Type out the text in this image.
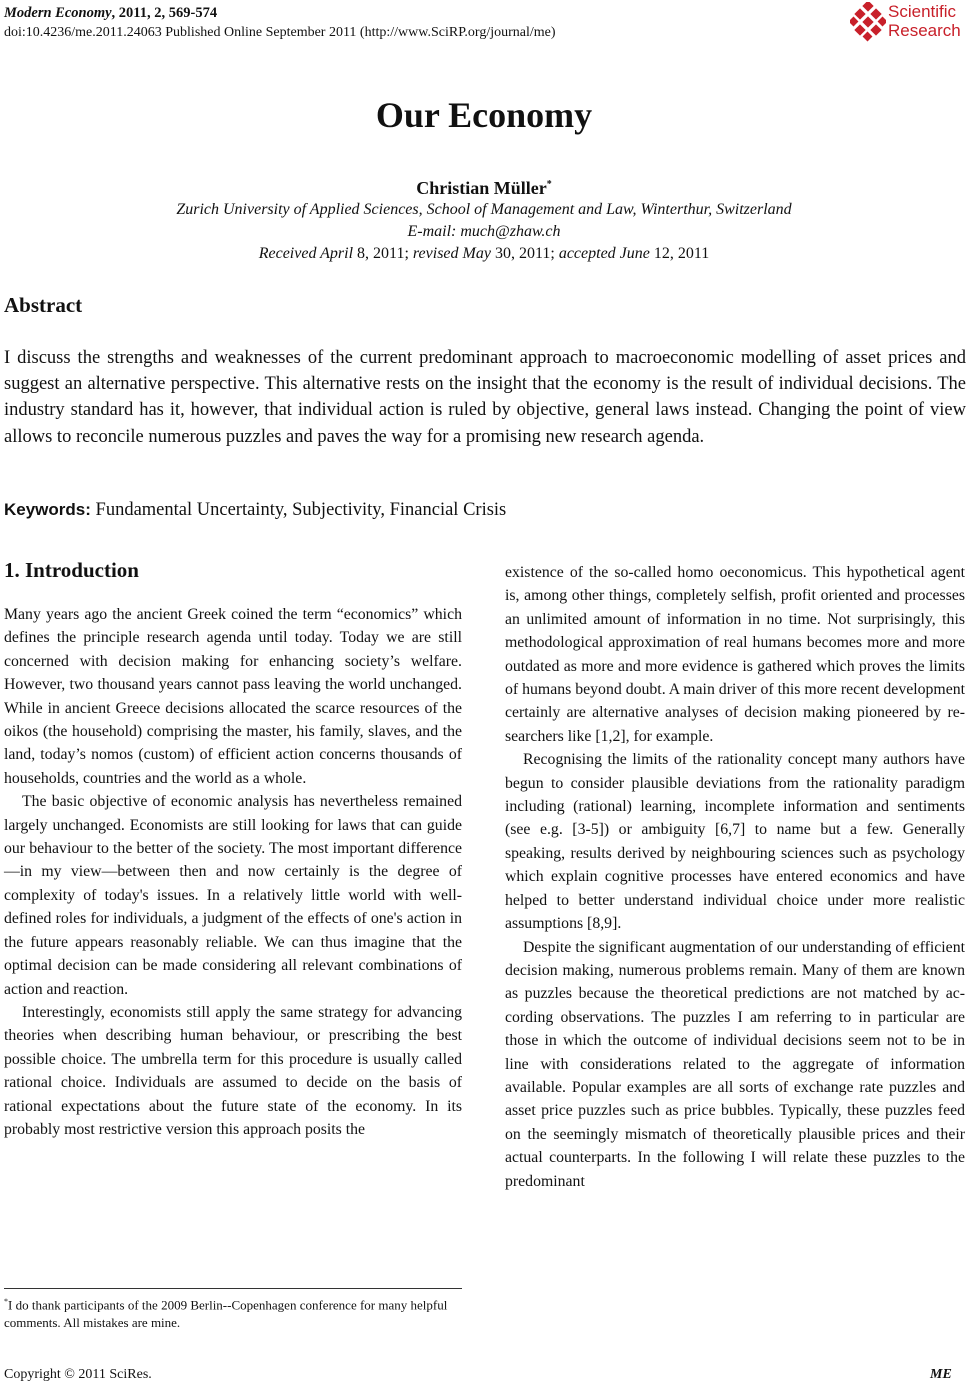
Modern Economy, 2011, 2, 569-574
doi:10.4236/me.2011.24063 Published Online September 2011 (http://www.SciRP.org/journal/me)
Scientific
Research
Our Economy
Christian Müller*
Zurich University of Applied Sciences, School of Management and Law, Winterthur, Switzerland
E-mail: much@zhaw.ch
Received April 8, 2011; revised May 30, 2011; accepted June 12, 2011
Abstract
I discuss the strengths and weaknesses of the current predominant approach to macroeconomic modelling of asset prices and suggest an alternative perspective. This alternative rests on the insight that the economy is the result of individual decisions. The industry standard has it, however, that individual action is ruled by objective, general laws instead. Changing the point of view allows to reconcile numerous puzzles and paves the way for a promising new research agenda.
Keywords: Fundamental Uncertainty, Subjectivity, Financial Crisis
1. Introduction

Many years ago the ancient Greek coined the term “economics” which defines the principle research agenda until today. Today we are still concerned with decision making for enhancing society’s welfare. However, two thousand years cannot pass leaving the world unchanged. While in ancient Greece decisions allocated the scarce resources of the oikos (the household) comprising the master, his family, slaves, and the land, today’s nomos (custom) of efficient action concerns thousands of households, countries and the world as a whole.

The basic objective of economic analysis has nevertheless remained largely unchanged. Economists are still looking for laws that can guide our behaviour to the better of the society. The most important difference—in my view—between then and now certainly is the degree of complexity of today's issues. In a relatively little world with well-defined roles for individuals, a judgment of the effects of one's action in the future appears reasonably reliable. We can thus imagine that the optimal decision can be made considering all relevant combinations of action and reaction.

Interestingly, economists still apply the same strategy for advancing theories when describing human behaviour, or prescribing the best possible choice. The umbrella term for this procedure is usually called rational choice. Individuals are assumed to decide on the basis of rational expectations about the future state of the economy. In its probably most restrictive version this approach posits the

existence of the so-called homo oeconomicus. This hypothetical agent is, among other things, completely selfish, profit oriented and processes an unlimited amount of information in no time. Not surprisingly, this methodological approximation of real humans becomes more and more outdated as more and more evidence is gathered which proves the limits of humans beyond doubt. A main driver of this more recent development certainly are alternative analyses of decision making pioneered by researchers like [1,2], for example.

Recognising the limits of the rationality concept many authors have begun to consider plausible deviations from the rationality paradigm including (rational) learning, incomplete information and sentiments (see e.g. [3-5]) or ambiguity [6,7] to name but a few. Generally speaking, results derived by neighbouring sciences such as psychology which explain cognitive processes have entered economics and have helped to better understand individual choice under more realistic assumptions [8,9].

Despite the significant augmentation of our understanding of efficient decision making, numerous problems remain. Many of them are known as puzzles because the theoretical predictions are not matched by according observations. The puzzles I am referring to in particular are those in which the outcome of individual decisions seem not to be in line with considerations related to the aggregate of information available. Popular examples are all sorts of exchange rate puzzles and asset price puzzles such as price bubbles. Typically, these puzzles feed on the seemingly mismatch of theoretically plausible prices and their actual counterparts. In the following I will relate these puzzles to the predominant

*I do thank participants of the 2009 Berlin--Copenhagen conference for many helpful comments. All mistakes are mine.
Copyright © 2011 SciRes.	ME
